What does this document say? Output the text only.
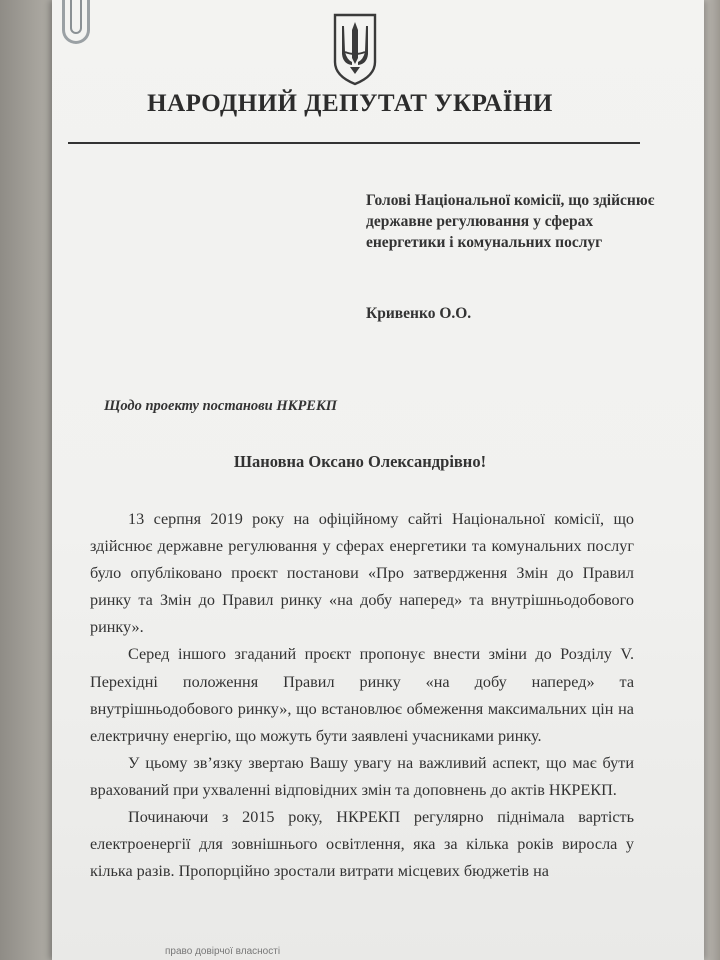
НАРОДНИЙ ДЕПУТАТ УКРАЇНИ
Голові Національної комісії, що здійснює державне регулювання у сферах енергетики і комунальних послуг
Кривенко О.О.
Щодо проекту постанови НКРЕКП
Шановна Оксано Олександрівно!

13 серпня 2019 року на офіційному сайті Національної комісії, що здійснює державне регулювання у сферах енергетики та комунальних послуг було опубліковано проєкт постанови «Про затвердження Змін до Правил ринку та Змін до Правил ринку «на добу наперед» та внутрішньодобового ринку».

Серед іншого згаданий проєкт пропонує внести зміни до Розділу V. Перехідні положення Правил ринку «на добу наперед» та внутрішньодобового ринку», що встановлює обмеження максимальних цін на електричну енергію, що можуть бути заявлені учасниками ринку.

У цьому зв’язку звертаю Вашу увагу на важливий аспект, що має бути врахований при ухваленні відповідних змін та доповнень до актів НКРЕКП.

Починаючи з 2015 року, НКРЕКП регулярно піднімала вартість електроенергії для зовнішнього освітлення, яка за кілька років виросла у кілька разів. Пропорційно зростали витрати місцевих бюджетів на

право довірчої власності
